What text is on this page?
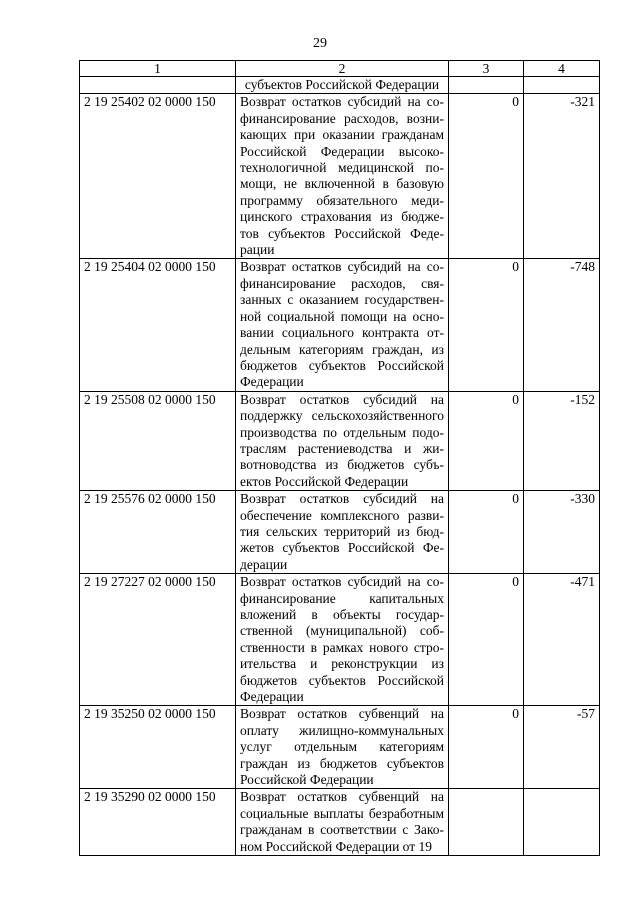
29
1	2	3	4
	субъектов Российской Федерации		
2 19 25402 02 0000 150	Возврат остатков субсидий на со-финансирование расходов, возни-кающих при оказании гражданам Российской Федерации высоко-технологичной медицинской по-мощи, не включенной в базовую программу обязательного меди-цинского страхования из бюдже-тов субъектов Российской Феде-рации	0	-321
2 19 25404 02 0000 150	Возврат остатков субсидий на со-финансирование расходов, свя-занных с оказанием государствен-ной социальной помощи на осно-вании социального контракта от-дельным категориям граждан, из бюджетов субъектов Российской Федерации	0	-748
2 19 25508 02 0000 150	Возврат остатков субсидий на поддержку сельскохозяйственного производства по отдельным подо-траслям растениеводства и жи-вотноводства из бюджетов субъ-ектов Российской Федерации	0	-152
2 19 25576 02 0000 150	Возврат остатков субсидий на обеспечение комплексного разви-тия сельских территорий из бюд-жетов субъектов Российской Фе-дерации	0	-330
2 19 27227 02 0000 150	Возврат остатков субсидий на со-финансирование капитальных вложений в объекты государ-ственной (муниципальной) соб-ственности в рамках нового стро-ительства и реконструкции из бюджетов субъектов Российской Федерации	0	-471
2 19 35250 02 0000 150	Возврат остатков субвенций на оплату жилищно-коммунальных услуг отдельным категориям граждан из бюджетов субъектов Российской Федерации	0	-57
2 19 35290 02 0000 150	Возврат остатков субвенций на социальные выплаты безработным гражданам в соответствии с Зако-ном Российской Федерации от 19		
